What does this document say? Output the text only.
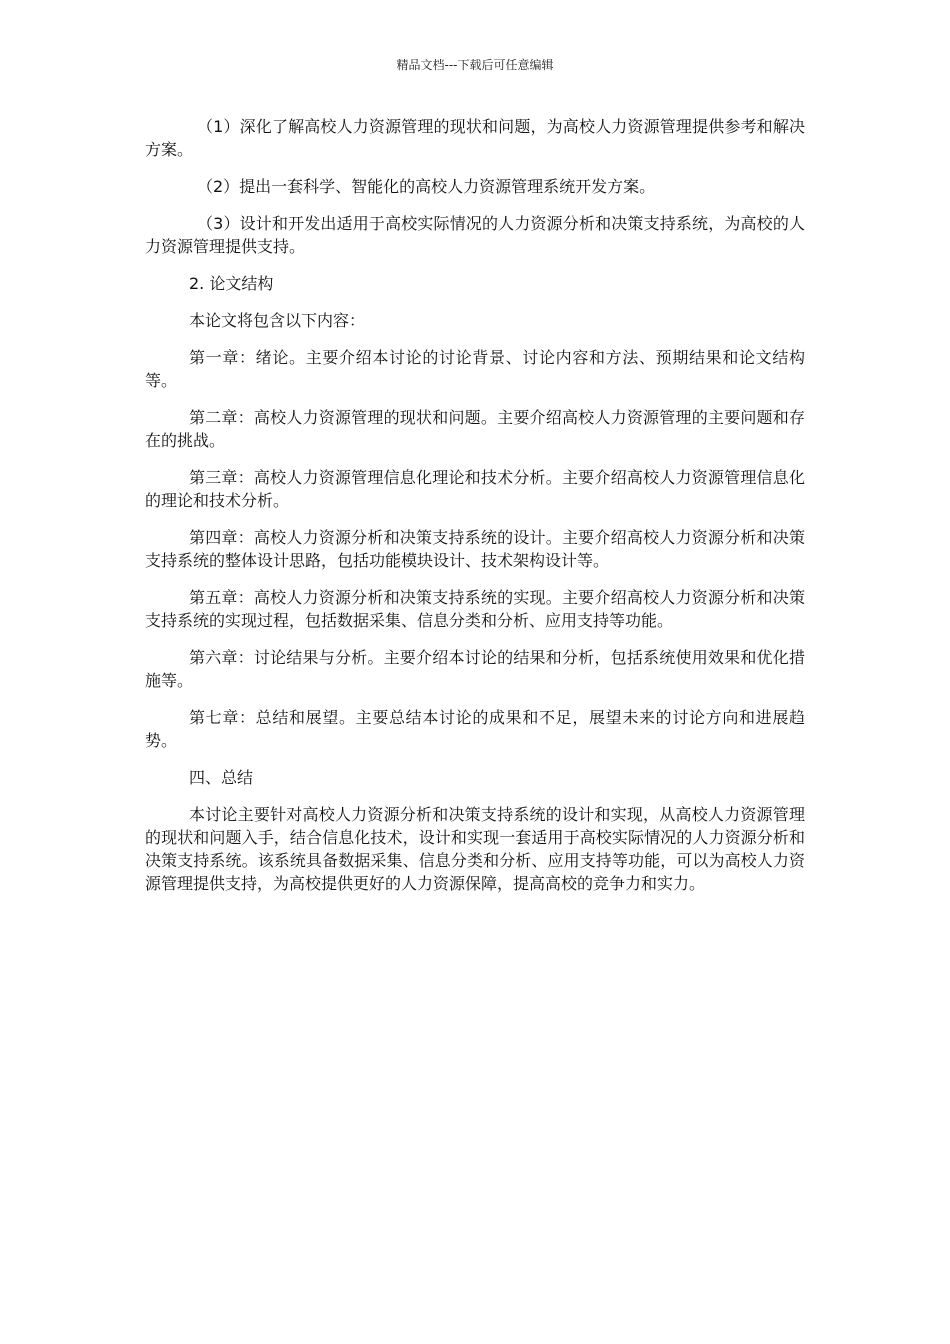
精品文档---下载后可任意编辑

（1）深化了解高校人力资源管理的现状和问题，为高校人力资源管理提供参考和解决方案。

（2）提出一套科学、智能化的高校人力资源管理系统开发方案。

（3）设计和开发出适用于高校实际情况的人力资源分析和决策支持系统，为高校的人力资源管理提供支持。

2. 论文结构

本论文将包含以下内容：

第一章：绪论。主要介绍本讨论的讨论背景、讨论内容和方法、预期结果和论文结构等。

第二章：高校人力资源管理的现状和问题。主要介绍高校人力资源管理的主要问题和存在的挑战。

第三章：高校人力资源管理信息化理论和技术分析。主要介绍高校人力资源管理信息化的理论和技术分析。

第四章：高校人力资源分析和决策支持系统的设计。主要介绍高校人力资源分析和决策支持系统的整体设计思路，包括功能模块设计、技术架构设计等。

第五章：高校人力资源分析和决策支持系统的实现。主要介绍高校人力资源分析和决策支持系统的实现过程，包括数据采集、信息分类和分析、应用支持等功能。

第六章：讨论结果与分析。主要介绍本讨论的结果和分析，包括系统使用效果和优化措施等。

第七章：总结和展望。主要总结本讨论的成果和不足，展望未来的讨论方向和进展趋势。

四、总结

本讨论主要针对高校人力资源分析和决策支持系统的设计和实现，从高校人力资源管理的现状和问题入手，结合信息化技术，设计和实现一套适用于高校实际情况的人力资源分析和决策支持系统。该系统具备数据采集、信息分类和分析、应用支持等功能，可以为高校人力资源管理提供支持，为高校提供更好的人力资源保障，提高高校的竞争力和实力。
